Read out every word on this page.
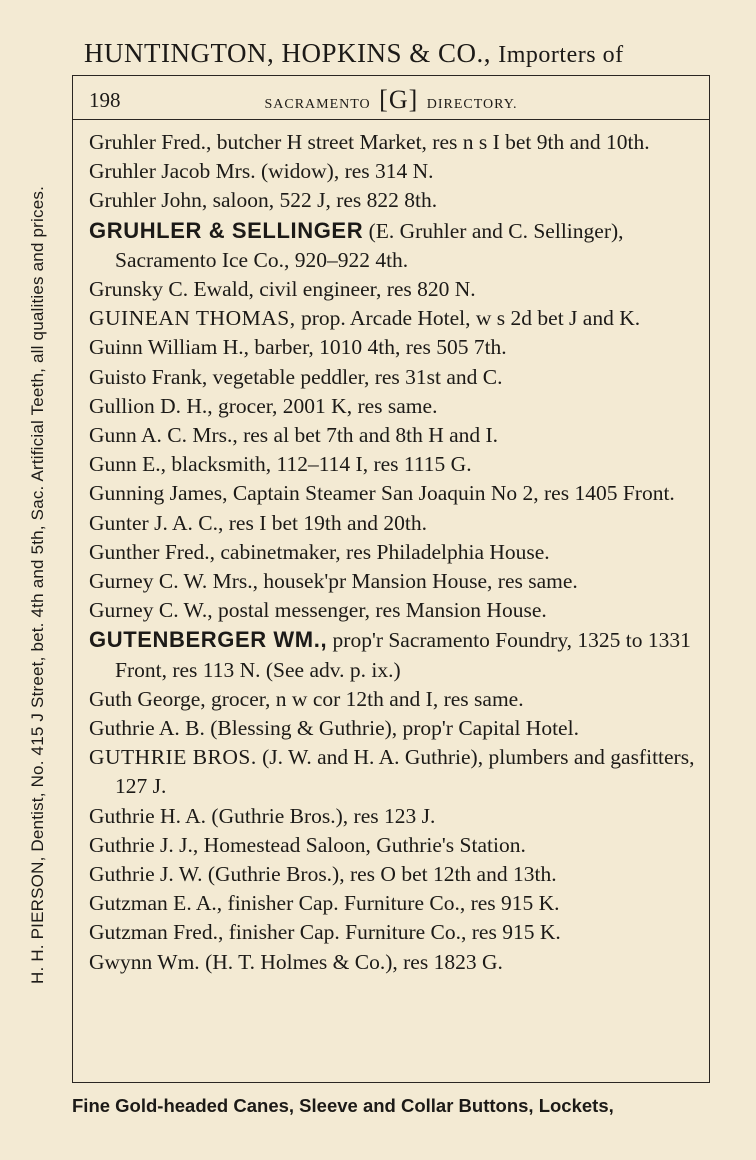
HUNTINGTON, HOPKINS & CO., Importers of
H. H. PIERSON, Dentist, No. 415 J Street, bet. 4th and 5th, Sac. Artificial Teeth, all qualities and prices.
198	SACRAMENTO [G] DIRECTORY.
Gruhler Fred., butcher H street Market, res n s I bet 9th and 10th.
Gruhler Jacob Mrs. (widow), res 314 N.
Gruhler John, saloon, 522 J, res 822 8th.
GRUHLER & SELLINGER (E. Gruhler and C. Sellinger), Sacramento Ice Co., 920–922 4th.
Grunsky C. Ewald, civil engineer, res 820 N.
GUINEAN THOMAS, prop. Arcade Hotel, w s 2d bet J and K.
Guinn William H., barber, 1010 4th, res 505 7th.
Guisto Frank, vegetable peddler, res 31st and C.
Gullion D. H., grocer, 2001 K, res same.
Gunn A. C. Mrs., res al bet 7th and 8th H and I.
Gunn E., blacksmith, 112–114 I, res 1115 G.
Gunning James, Captain Steamer San Joaquin No 2, res 1405 Front.
Gunter J. A. C., res I bet 19th and 20th.
Gunther Fred., cabinetmaker, res Philadelphia House.
Gurney C. W. Mrs., housek'pr Mansion House, res same.
Gurney C. W., postal messenger, res Mansion House.
GUTENBERGER WM., prop'r Sacramento Foundry, 1325 to 1331 Front, res 113 N. (See adv. p. ix.)
Guth George, grocer, n w cor 12th and I, res same.
Guthrie A. B. (Blessing & Guthrie), prop'r Capital Hotel.
GUTHRIE BROS. (J. W. and H. A. Guthrie), plumbers and gasfitters, 127 J.
Guthrie H. A. (Guthrie Bros.), res 123 J.
Guthrie J. J., Homestead Saloon, Guthrie's Station.
Guthrie J. W. (Guthrie Bros.), res O bet 12th and 13th.
Gutzman E. A., finisher Cap. Furniture Co., res 915 K.
Gutzman Fred., finisher Cap. Furniture Co., res 915 K.
Gwynn Wm. (H. T. Holmes & Co.), res 1823 G.
Fine Gold-headed Canes, Sleeve and Collar Buttons, Lockets,
